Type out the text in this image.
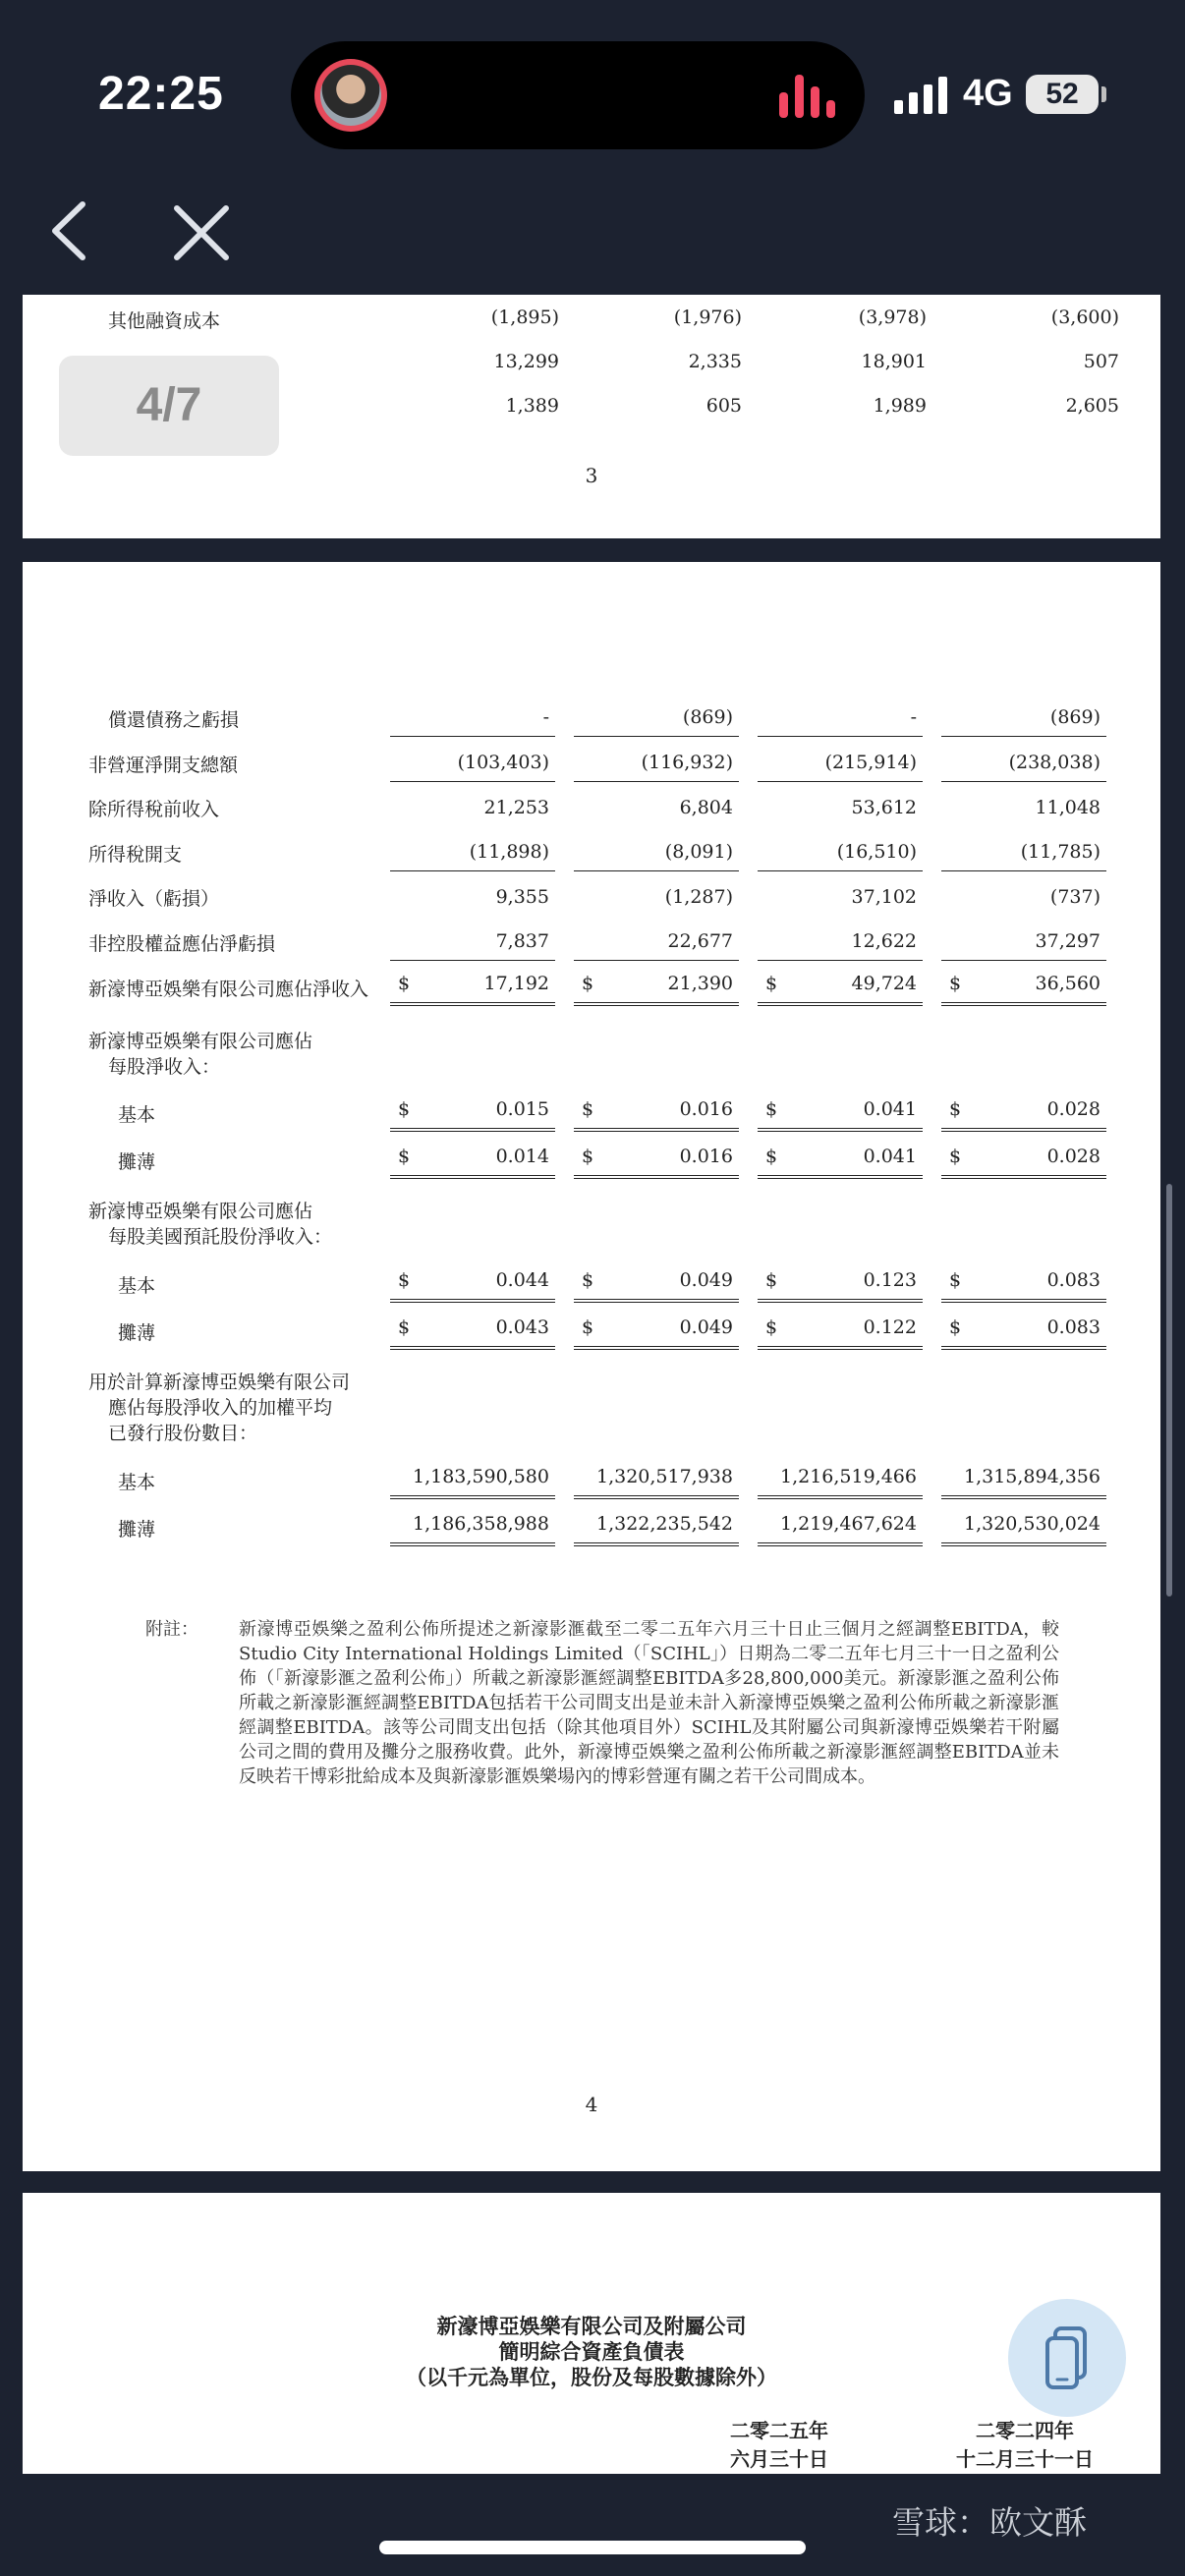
22:25	4G	52
4/7
其他融資成本	(1,895)	(1,976)	(3,978)	(3,600)
13,299	2,335	18,901	507
1,389	605	1,989	2,605
3
償還債務之虧損	-	(869)	-	(869)
非營運淨開支總額	(103,403)	(116,932)	(215,914)	(238,038)
除所得稅前收入	21,253	6,804	53,612	11,048
所得稅開支	(11,898)	(8,091)	(16,510)	(11,785)
淨收入（虧損）	9,355	(1,287)	37,102	(737)
非控股權益應佔淨虧損	7,837	22,677	12,622	37,297
新濠博亞娛樂有限公司應佔淨收入 $	17,192 $	21,390 $	49,724 $	36,560
新濠博亞娛樂有限公司應佔
每股淨收入：
基本	$	0.015 $	0.016 $	0.041 $	0.028
攤薄	$	0.014 $	0.016 $	0.041 $	0.028
新濠博亞娛樂有限公司應佔
每股美國預託股份淨收入：
基本	$	0.044 $	0.049 $	0.123 $	0.083
攤薄	$	0.043 $	0.049 $	0.122 $	0.083
用於計算新濠博亞娛樂有限公司
應佔每股淨收入的加權平均
已發行股份數目：
基本	1,183,590,580	1,320,517,938	1,216,519,466	1,315,894,356
攤薄	1,186,358,988	1,322,235,542	1,219,467,624	1,320,530,024
附註： 新濠博亞娛樂之盈利公佈所提述之新濠影滙截至二零二五年六月三十日止三個月之經調整EBITDA，較Studio City International Holdings Limited（「SCIHL」）日期為二零二五年七月三十一日之盈利公佈（「新濠影滙之盈利公佈」）所載之新濠影滙經調整EBITDA多28,800,000美元。新濠影滙之盈利公佈所載之新濠影滙經調整EBITDA包括若干公司間支出是並未計入新濠博亞娛樂之盈利公佈所載之新濠影滙經調整EBITDA。該等公司間支出包括（除其他項目外）SCIHL及其附屬公司與新濠博亞娛樂若干附屬公司之間的費用及攤分之服務收費。此外，新濠博亞娛樂之盈利公佈所載之新濠影滙經調整EBITDA並未反映若干博彩批給成本及與新濠影滙娛樂場內的博彩營運有關之若干公司間成本。
4
新濠博亞娛樂有限公司及附屬公司
簡明綜合資產負債表
（以千元為單位，股份及每股數據除外）
二零二五年
六月三十日
二零二四年
十二月三十一日
雪球：欧文酥
